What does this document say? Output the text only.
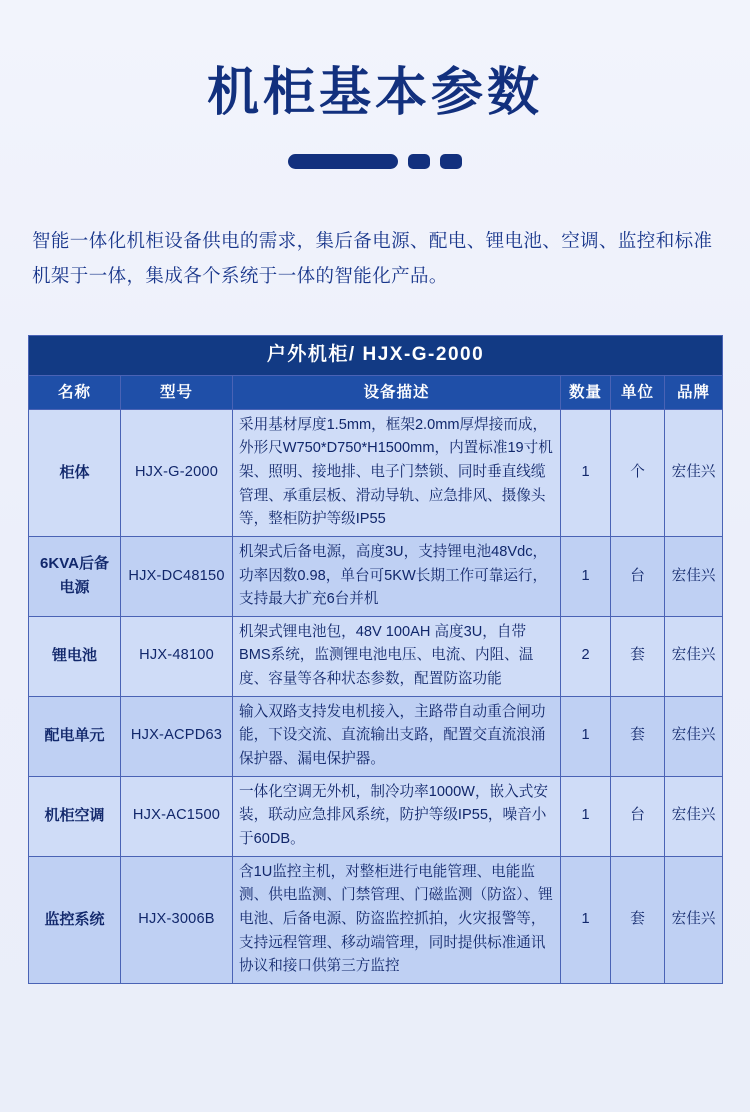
机柜基本参数
智能一体化机柜设备供电的需求，集后备电源、配电、锂电池、空调、监控和标准机架于一体，集成各个系统于一体的智能化产品。
户外机柜/ HJX-G-2000					
名称	型号	设备描述	数量	单位	品牌
柜体	HJX-G-2000	采用基材厚度1.5mm，框架2.0mm厚焊接而成，外形尺W750*D750*H1500mm，内置标准19寸机架、照明、接地排、电子门禁锁、同时垂直线缆管理、承重层板、滑动导轨、应急排风、摄像头等，整柜防护等级IP55	1	个	宏佳兴
6KVA后备电源	HJX-DC48150	机架式后备电源，高度3U，支持锂电池48Vdc，功率因数0.98，单台可5KW长期工作可靠运行，支持最大扩充6台并机	1	台	宏佳兴
锂电池	HJX-48100	机架式锂电池包，48V 100AH 高度3U，自带BMS系统，监测锂电池电压、电流、内阻、温度、容量等各种状态参数，配置防盗功能	2	套	宏佳兴
配电单元	HJX-ACPD63	输入双路支持发电机接入，主路带自动重合闸功能，下设交流、直流输出支路，配置交直流浪涌保护器、漏电保护器。	1	套	宏佳兴
机柜空调	HJX-AC1500	一体化空调无外机，制冷功率1000W，嵌入式安装，联动应急排风系统，防护等级IP55，噪音小于60DB。	1	台	宏佳兴
监控系统	HJX-3006B	含1U监控主机，对整柜进行电能管理、电能监测、供电监测、门禁管理、门磁监测（防盗）、锂电池、后备电源、防盗监控抓拍，火灾报警等，支持远程管理、移动端管理，同时提供标准通讯协议和接口供第三方监控	1	套	宏佳兴
